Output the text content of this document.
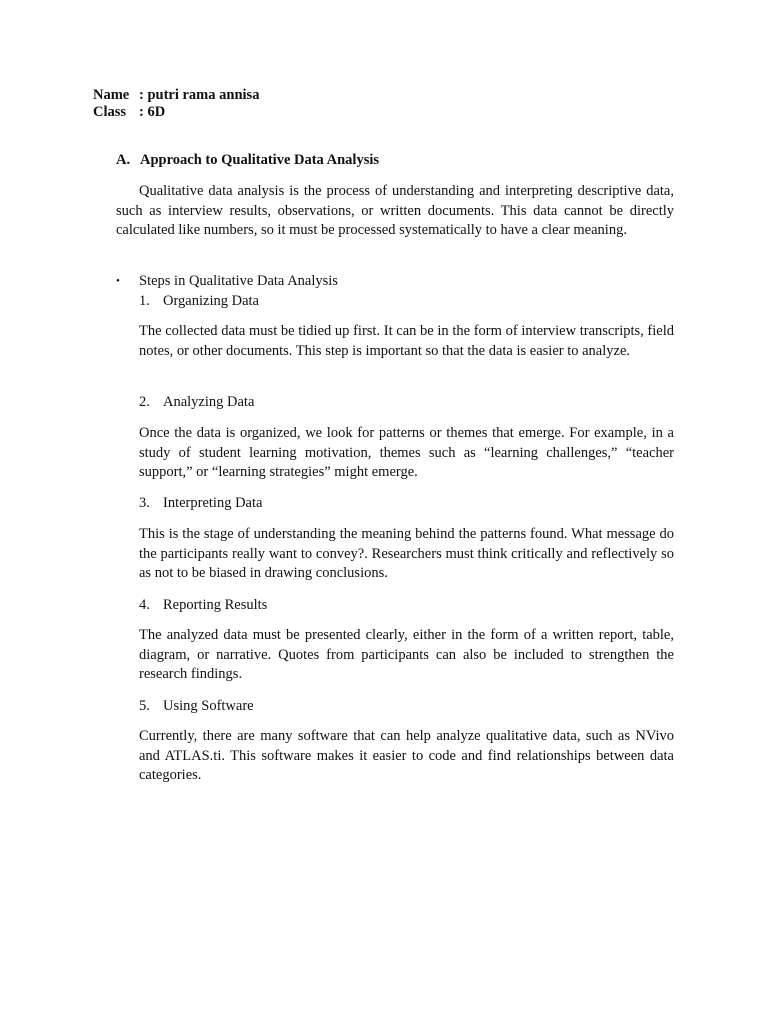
Name : putri rama annisa
Class : 6D
A. Approach to Qualitative Data Analysis
Qualitative data analysis is the process of understanding and interpreting descriptive data, such as interview results, observations, or written documents. This data cannot be directly calculated like numbers, so it must be processed systematically to have a clear meaning.
•	Steps in Qualitative Data Analysis
1. Organizing Data
The collected data must be tidied up first. It can be in the form of interview transcripts, field notes, or other documents. This step is important so that the data is easier to analyze.
2. Analyzing Data
Once the data is organized, we look for patterns or themes that emerge. For example, in a study of student learning motivation, themes such as “learning challenges,” “teacher support,” or “learning strategies” might emerge.
3. Interpreting Data
This is the stage of understanding the meaning behind the patterns found. What message do the participants really want to convey?. Researchers must think critically and reflectively so as not to be biased in drawing conclusions.
4. Reporting Results
The analyzed data must be presented clearly, either in the form of a written report, table, diagram, or narrative. Quotes from participants can also be included to strengthen the research findings.
5. Using Software
Currently, there are many software that can help analyze qualitative data, such as NVivo and ATLAS.ti. This software makes it easier to code and find relationships between data categories.
